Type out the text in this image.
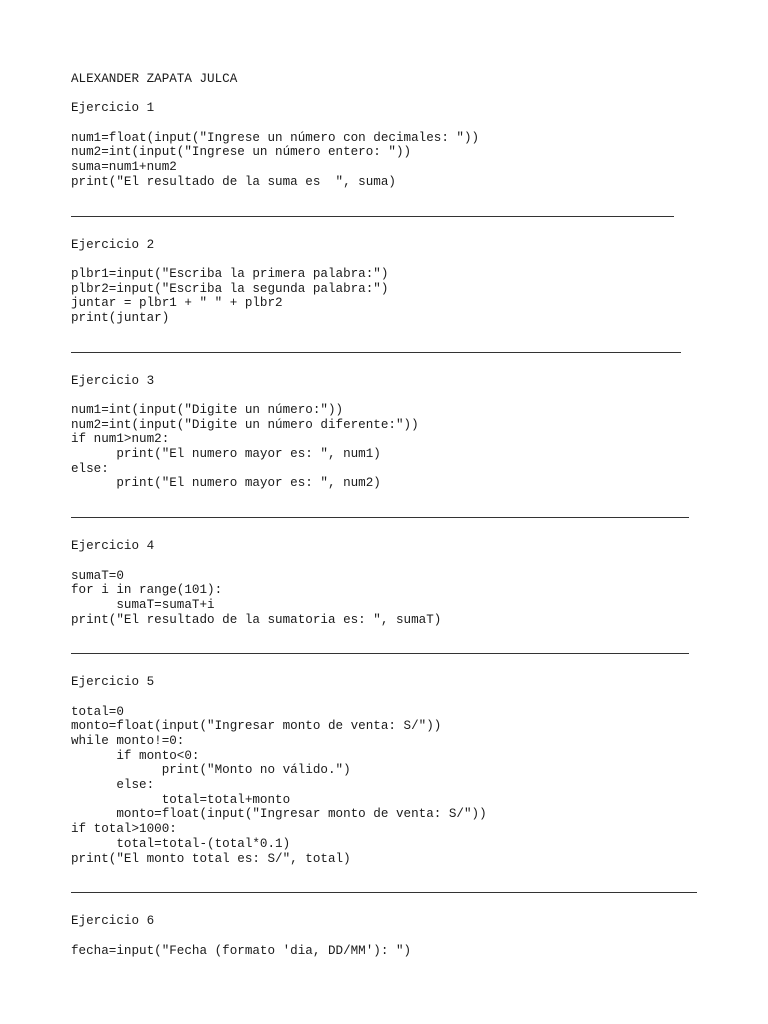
ALEXANDER ZAPATA JULCA
Ejercicio 1
num1=float(input("Ingrese un número con decimales: "))
num2=int(input("Ingrese un número entero: "))
suma=num1+num2
print("El resultado de la suma es  ", suma)
Ejercicio 2
plbr1=input("Escriba la primera palabra:")
plbr2=input("Escriba la segunda palabra:")
juntar = plbr1 + " " + plbr2
print(juntar)
Ejercicio 3
num1=int(input("Digite un número:"))
num2=int(input("Digite un número diferente:"))
if num1>num2:
print("El numero mayor es: ", num1)
else:
print("El numero mayor es: ", num2)
Ejercicio 4
sumaT=0
for i in range(101):
sumaT=sumaT+i
print("El resultado de la sumatoria es: ", sumaT)
Ejercicio 5
total=0
monto=float(input("Ingresar monto de venta: S/"))
while monto!=0:
if monto<0:
print("Monto no válido.")
else:
total=total+monto
monto=float(input("Ingresar monto de venta: S/"))
if total>1000:
total=total-(total*0.1)
print("El monto total es: S/", total)
Ejercicio 6
fecha=input("Fecha (formato 'dia, DD/MM'): ")
